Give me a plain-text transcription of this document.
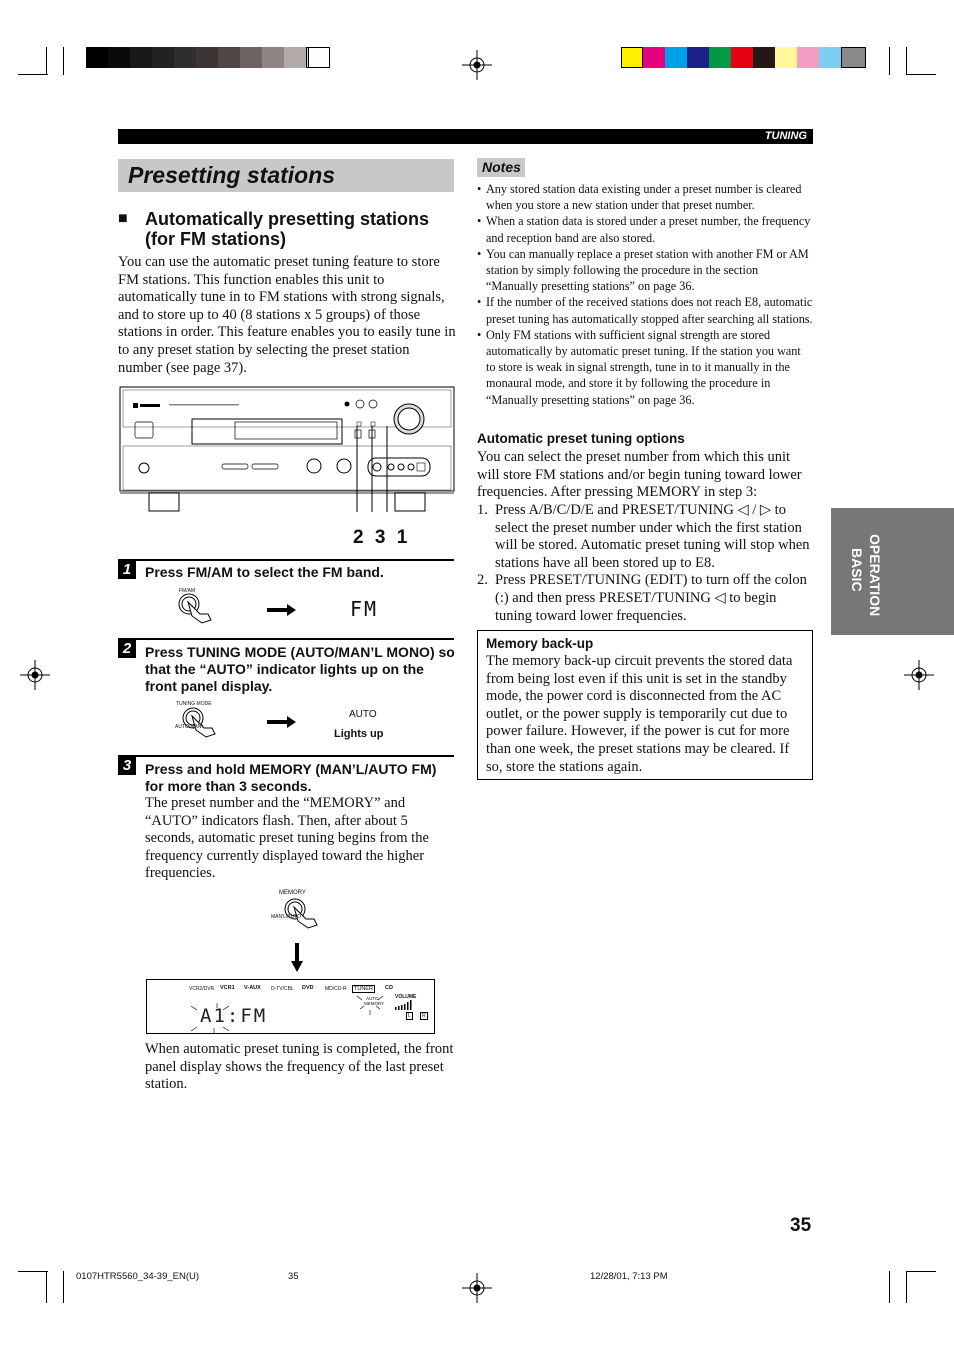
TUNING
Presetting stations
■ Automatically presetting stations
(for FM stations)
You can use the automatic preset tuning feature to store FM stations. This function enables this unit to automatically tune in to FM stations with strong signals, and to store up to 40 (8 stations x 5 groups) of those stations in order. This feature enables you to easily tune in to any preset station by selecting the preset station number (see page 37).
2 3 1
1 Press FM/AM to select the FM band.
FM/AM
FM
2 Press TUNING MODE (AUTO/MAN’L MONO) so that the “AUTO” indicator lights up on the front panel display.
TUNING MODE
AUTO/MAN'L
AUTO
Lights up
3 Press and hold MEMORY (MAN’L/AUTO FM) for more than 3 seconds.
The preset number and the “MEMORY” and “AUTO” indicators flash. Then, after about 5 seconds, automatic preset tuning begins from the frequency currently displayed toward the higher frequencies.
MEMORY
MAN'L/AUTO
VCR2/DVR VCR1 V-AUX D-TV/CBL DVD MD/CD-R	TUNER	CD
AUTO
MEMORY
VOLUME
L	R
A1:FM
When automatic preset tuning is completed, the front panel display shows the frequency of the last preset station.
Notes
• Any stored station data existing under a preset number is cleared when you store a new station under that preset number.
• When a station data is stored under a preset number, the frequency and reception band are also stored.
• You can manually replace a preset station with another FM or AM station by simply following the procedure in the section “Manually presetting stations” on page 36.
• If the number of the received stations does not reach E8, automatic preset tuning has automatically stopped after searching all stations.
• Only FM stations with sufficient signal strength are stored automatically by automatic preset tuning. If the station you want to store is weak in signal strength, tune in to it manually in the monaural mode, and store it by following the procedure in “Manually presetting stations” on page 36.
Automatic preset tuning options
You can select the preset number from which this unit will store FM stations and/or begin tuning toward lower frequencies. After pressing MEMORY in step 3:
1. Press A/B/C/D/E and PRESET/TUNING ◁ / ▷ to select the preset number under which the first station will be stored. Automatic preset tuning will stop when stations have all been stored up to E8.
2. Press PRESET/TUNING (EDIT) to turn off the colon (:) and then press PRESET/TUNING ◁ to begin tuning toward lower frequencies.
Memory back-up
The memory back-up circuit prevents the stored data from being lost even if this unit is set in the standby mode, the power cord is disconnected from the AC outlet, or the power supply is temporarily cut due to power failure. However, if the power is cut for more than one week, the preset stations may be cleared. If so, store the stations again.
OPERATION
BASIC
35
0107HTR5560_34-39_EN(U)	35	12/28/01, 7:13 PM
